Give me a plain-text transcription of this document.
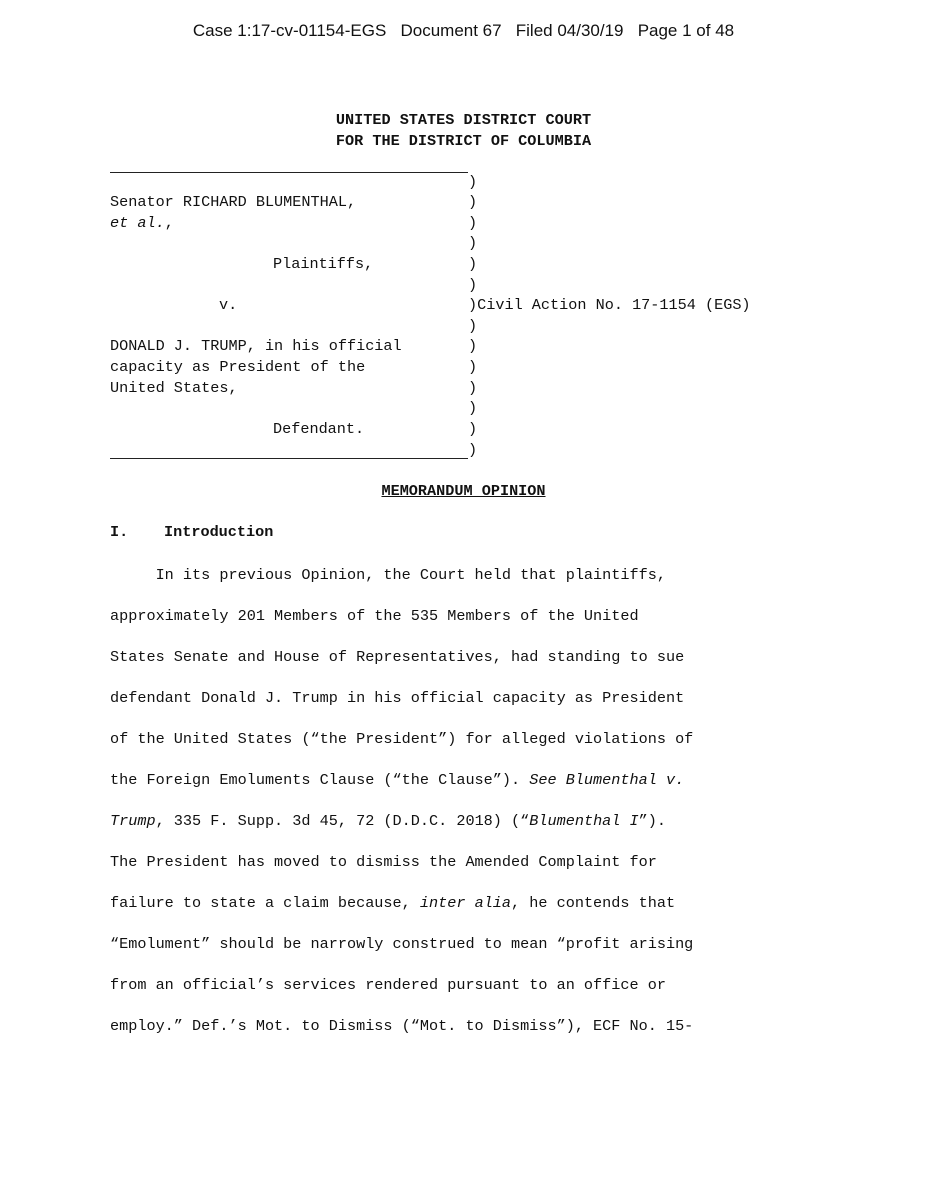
Case 1:17-cv-01154-EGS Document 67 Filed 04/30/19 Page 1 of 48
UNITED STATES DISTRICT COURT
FOR THE DISTRICT OF COLUMBIA
Senator RICHARD BLUMENTHAL,
et al.,
Plaintiffs,
v.
DONALD J. TRUMP, in his official
capacity as President of the
United States,
Defendant.
)
)
)
)
)
)
)Civil Action No. 17-1154 (EGS)
)
)
)
)
)
)
)
MEMORANDUM OPINION
I. Introduction
In its previous Opinion, the Court held that plaintiffs,
approximately 201 Members of the 535 Members of the United
States Senate and House of Representatives, had standing to sue
defendant Donald J. Trump in his official capacity as President
of the United States (“the President”) for alleged violations of
the Foreign Emoluments Clause (“the Clause”). See Blumenthal v.
Trump, 335 F. Supp. 3d 45, 72 (D.D.C. 2018) (“Blumenthal I”).
The President has moved to dismiss the Amended Complaint for
failure to state a claim because, inter alia, he contends that
“Emolument” should be narrowly construed to mean “profit arising
from an official’s services rendered pursuant to an office or
employ.” Def.’s Mot. to Dismiss (“Mot. to Dismiss”), ECF No. 15-
